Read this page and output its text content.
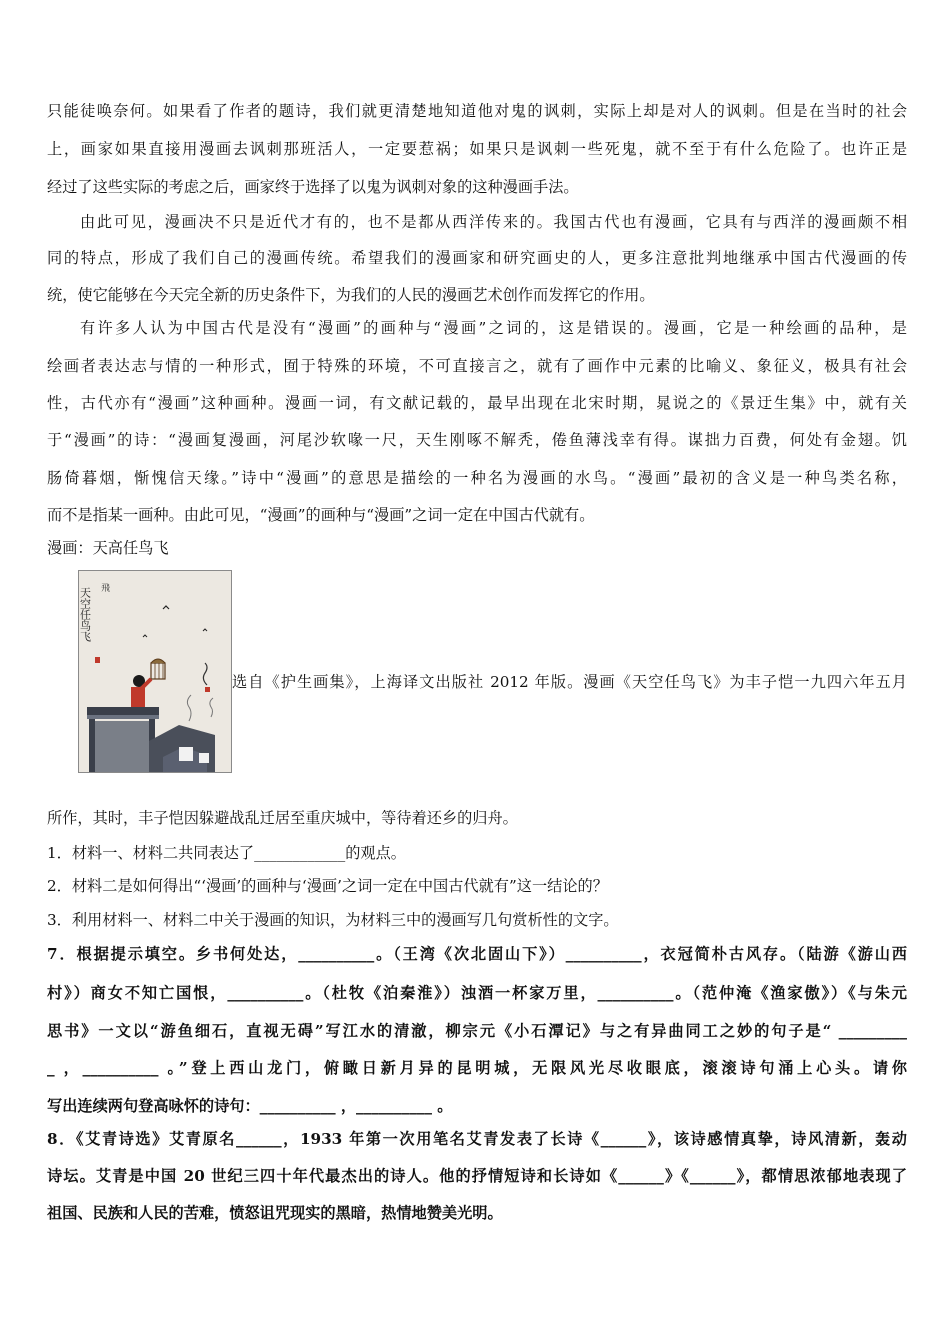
只能徒唤奈何。如果看了作者的题诗，我们就更清楚地知道他对鬼的讽刺，实际上却是对人的讽刺。但是在当时的社会
上，画家如果直接用漫画去讽刺那班活人，一定要惹祸；如果只是讽刺一些死鬼，就不至于有什么危险了。也许正是
经过了这些实际的考虑之后，画家终于选择了以鬼为讽刺对象的这种漫画手法。
由此可见，漫画决不只是近代才有的，也不是都从西洋传来的。我国古代也有漫画，它具有与西洋的漫画颇不相
同的特点，形成了我们自己的漫画传统。希望我们的漫画家和研究画史的人，更多注意批判地继承中国古代漫画的传
统，使它能够在今天完全新的历史条件下，为我们的人民的漫画艺术创作而发挥它的作用。
有许多人认为中国古代是没有“漫画”的画种与“漫画”之词的，这是错误的。漫画，它是一种绘画的品种，是
绘画者表达志与情的一种形式，囿于特殊的环境，不可直接言之，就有了画作中元素的比喻义、象征义，极具有社会
性，古代亦有“漫画”这种画种。漫画一词，有文献记载的，最早出现在北宋时期，晁说之的《景迂生集》中，就有关
于“漫画”的诗：“漫画复漫画，河尾沙软喙一尺，天生刚啄不解秃，倦鱼薄浅幸有得。谋拙力百费，何处有金翅。饥
肠倚暮烟，惭愧信天缘。”诗中“漫画”的意思是描绘的一种名为漫画的水鸟。“漫画”最初的含义是一种鸟类名称，
而不是指某一画种。由此可见，“漫画”的画种与“漫画”之词一定在中国古代就有。
漫画：天高任鸟飞
天空任鸟飞 飛
选自《护生画集》，上海译文出版社 2012 年版。漫画《天空任鸟飞》为丰子恺一九四六年五月
所作，其时，丰子恺因躲避战乱迁居至重庆城中，等待着还乡的归舟。
1．材料一、材料二共同表达了____________的观点。
2．材料二是如何得出“‘漫画’的画种与‘漫画’之词一定在中国古代就有”这一结论的？
3．利用材料一、材料二中关于漫画的知识，为材料三中的漫画写几句赏析性的文字。
7．根据提示填空。乡书何处达，__________。（王湾《次北固山下》）__________，衣冠简朴古风存。（陆游《游山西
村》）商女不知亡国恨，__________。（杜牧《泊秦淮》）浊酒一杯家万里，__________。（范仲淹《渔家傲》）《与朱元
思书》一文以“游鱼细石，直视无碍”写江水的清澈，柳宗元《小石潭记》与之有异曲同工之妙的句子是“ _________
_ ，__________ 。”登上西山龙门，俯瞰日新月异的昆明城，无限风光尽收眼底，滚滚诗句涌上心头。请你
写出连续两句登高咏怀的诗句：__________ ，__________ 。
8．《艾青诗选》艾青原名______，1933 年第一次用笔名艾青发表了长诗《______》，该诗感情真挚，诗风清新，轰动
诗坛。艾青是中国 20 世纪三四十年代最杰出的诗人。他的抒情短诗和长诗如《______》《______》，都情思浓郁地表现了
祖国、民族和人民的苦难，愤怒诅咒现实的黑暗，热情地赞美光明。
